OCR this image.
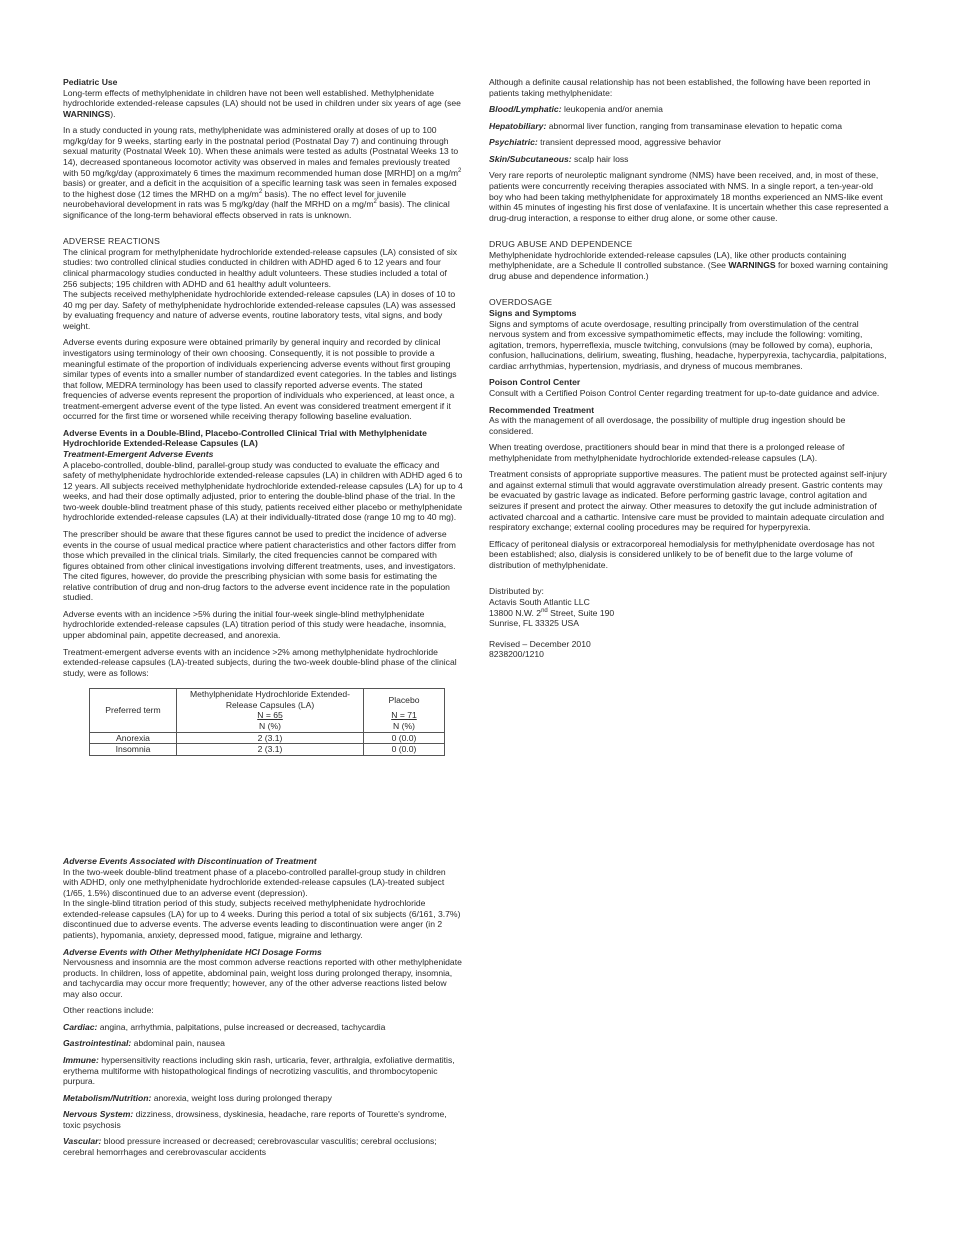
Pediatric Use

Long-term effects of methylphenidate in children have not been well established. Methylphenidate hydrochloride extended-release capsules (LA) should not be used in children under six years of age (see WARNINGS).

In a study conducted in young rats, methylphenidate was administered orally at doses of up to 100 mg/kg/day for 9 weeks, starting early in the postnatal period (Postnatal Day 7) and continuing through sexual maturity (Postnatal Week 10). When these animals were tested as adults (Postnatal Weeks 13 to 14), decreased spontaneous locomotor activity was observed in males and females previously treated with 50 mg/kg/day (approximately 6 times the maximum recommended human dose [MRHD] on a $mg/m^2$ basis) or greater, and a deficit in the acquisition of a specific learning task was seen in females exposed to the highest dose (12 times the MRHD on a $mg/m^2$ basis). The no effect level for juvenile neurobehavioral development in rats was 5 mg/kg/day (half the MRHD on a $mg/m^2$ basis). The clinical significance of the long-term behavioral effects observed in rats is unknown.

ADVERSE REACTIONS

The clinical program for methylphenidate hydrochloride extended-release capsules (LA) consisted of six studies: two controlled clinical studies conducted in children with ADHD aged 6 to 12 years and four clinical pharmacology studies conducted in healthy adult volunteers. These studies included a total of 256 subjects; 195 children with ADHD and 61 healthy adult volunteers.

The subjects received methylphenidate hydrochloride extended-release capsules (LA) in doses of 10 to 40 mg per day. Safety of methylphenidate hydrochloride extended-release capsules (LA) was assessed by evaluating frequency and nature of adverse events, routine laboratory tests, vital signs, and body weight.

Adverse events during exposure were obtained primarily by general inquiry and recorded by clinical investigators using terminology of their own choosing. Consequently, it is not possible to provide a meaningful estimate of the proportion of individuals experiencing adverse events without first grouping similar types of events into a smaller number of standardized event categories. In the tables and listings that follow, MEDRA terminology has been used to classify reported adverse events. The stated frequencies of adverse events represent the proportion of individuals who experienced, at least once, a treatment-emergent adverse event of the type listed. An event was considered treatment emergent if it occurred for the first time or worsened while receiving therapy following baseline evaluation.

Adverse Events in a Double-Blind, Placebo-Controlled Clinical Trial with Methylphenidate Hydrochloride Extended-Release Capsules (LA)

Treatment-Emergent Adverse Events

A placebo-controlled, double-blind, parallel-group study was conducted to evaluate the efficacy and safety of methylphenidate hydrochloride extended-release capsules (LA) in children with ADHD aged 6 to 12 years. All subjects received methylphenidate hydrochloride extended-release capsules (LA) for up to 4 weeks, and had their dose optimally adjusted, prior to entering the double-blind phase of the trial. In the two-week double-blind treatment phase of this study, patients received either placebo or methylphenidate hydrochloride extended-release capsules (LA) at their individually-titrated dose (range 10 mg to 40 mg).

The prescriber should be aware that these figures cannot be used to predict the incidence of adverse events in the course of usual medical practice where patient characteristics and other factors differ from those which prevailed in the clinical trials. Similarly, the cited frequencies cannot be compared with figures obtained from other clinical investigations involving different treatments, uses, and investigators. The cited figures, however, do provide the prescribing physician with some basis for estimating the relative contribution of drug and non-drug factors to the adverse event incidence rate in the population studied.

Adverse events with an incidence >5% during the initial four-week single-blind methylphenidate hydrochloride extended-release capsules (LA) titration period of this study were headache, insomnia, upper abdominal pain, appetite decreased, and anorexia.

Treatment-emergent adverse events with an incidence >2% among methylphenidate hydrochloride extended-release capsules (LA)-treated subjects, during the two-week double-blind phase of the clinical study, were as follows:

Preferred term	Methylphenidate Hydrochloride Extended-Release Capsules (LA)	Placebo
	N = 65	N = 71
	N (%)	N (%)
Anorexia	2 (3.1)	0 (0.0)
Insomnia	2 (3.1)	0 (0.0)

Adverse Events Associated with Discontinuation of Treatment

In the two-week double-blind treatment phase of a placebo-controlled parallel-group study in children with ADHD, only one methylphenidate hydrochloride extended-release capsules (LA)-treated subject (1/65, 1.5%) discontinued due to an adverse event (depression).

In the single-blind titration period of this study, subjects received methylphenidate hydrochloride extended-release capsules (LA) for up to 4 weeks. During this period a total of six subjects (6/161, 3.7%) discontinued due to adverse events. The adverse events leading to discontinuation were anger (in 2 patients), hypomania, anxiety, depressed mood, fatigue, migraine and lethargy.

Adverse Events with Other Methylphenidate HCl Dosage Forms

Nervousness and insomnia are the most common adverse reactions reported with other methylphenidate products. In children, loss of appetite, abdominal pain, weight loss during prolonged therapy, insomnia, and tachycardia may occur more frequently; however, any of the other adverse reactions listed below may also occur.

Other reactions include:

Cardiac: angina, arrhythmia, palpitations, pulse increased or decreased, tachycardia

Gastrointestinal: abdominal pain, nausea

Immune: hypersensitivity reactions including skin rash, urticaria, fever, arthralgia, exfoliative dermatitis, erythema multiforme with histopathological findings of necrotizing vasculitis, and thrombocytopenic purpura.

Metabolism/Nutrition: anorexia, weight loss during prolonged therapy

Nervous System: dizziness, drowsiness, dyskinesia, headache, rare reports of Tourette's syndrome, toxic psychosis

Vascular: blood pressure increased or decreased; cerebrovascular vasculitis; cerebral occlusions; cerebral hemorrhages and cerebrovascular accidents

Although a definite causal relationship has not been established, the following have been reported in patients taking methylphenidate:

Blood/Lymphatic: leukopenia and/or anemia

Hepatobiliary: abnormal liver function, ranging from transaminase elevation to hepatic coma

Psychiatric: transient depressed mood, aggressive behavior

Skin/Subcutaneous: scalp hair loss

Very rare reports of neuroleptic malignant syndrome (NMS) have been received, and, in most of these, patients were concurrently receiving therapies associated with NMS. In a single report, a ten-year-old boy who had been taking methylphenidate for approximately 18 months experienced an NMS-like event within 45 minutes of ingesting his first dose of venlafaxine. It is uncertain whether this case represented a drug-drug interaction, a response to either drug alone, or some other cause.

DRUG ABUSE AND DEPENDENCE

Methylphenidate hydrochloride extended-release capsules (LA), like other products containing methylphenidate, are a Schedule II controlled substance. (See WARNINGS for boxed warning containing drug abuse and dependence information.)

OVERDOSAGE

Signs and Symptoms

Signs and symptoms of acute overdosage, resulting principally from overstimulation of the central nervous system and from excessive sympathomimetic effects, may include the following: vomiting, agitation, tremors, hyperreflexia, muscle twitching, convulsions (may be followed by coma), euphoria, confusion, hallucinations, delirium, sweating, flushing, headache, hyperpyrexia, tachycardia, palpitations, cardiac arrhythmias, hypertension, mydriasis, and dryness of mucous membranes.

Poison Control Center

Consult with a Certified Poison Control Center regarding treatment for up-to-date guidance and advice.

Recommended Treatment

As with the management of all overdosage, the possibility of multiple drug ingestion should be considered.

When treating overdose, practitioners should bear in mind that there is a prolonged release of methylphenidate from methylphenidate hydrochloride extended-release capsules (LA).

Treatment consists of appropriate supportive measures. The patient must be protected against self-injury and against external stimuli that would aggravate overstimulation already present. Gastric contents may be evacuated by gastric lavage as indicated. Before performing gastric lavage, control agitation and seizures if present and protect the airway. Other measures to detoxify the gut include administration of activated charcoal and a cathartic. Intensive care must be provided to maintain adequate circulation and respiratory exchange; external cooling procedures may be required for hyperpyrexia.

Efficacy of peritoneal dialysis or extracorporeal hemodialysis for methylphenidate overdosage has not been established; also, dialysis is considered unlikely to be of benefit due to the large volume of distribution of methylphenidate.

Distributed by:
Actavis South Atlantic LLC
13800 N.W. 2nd Street, Suite 190
Sunrise, FL 33325 USA
Revised – December 2010
8238200/1210
